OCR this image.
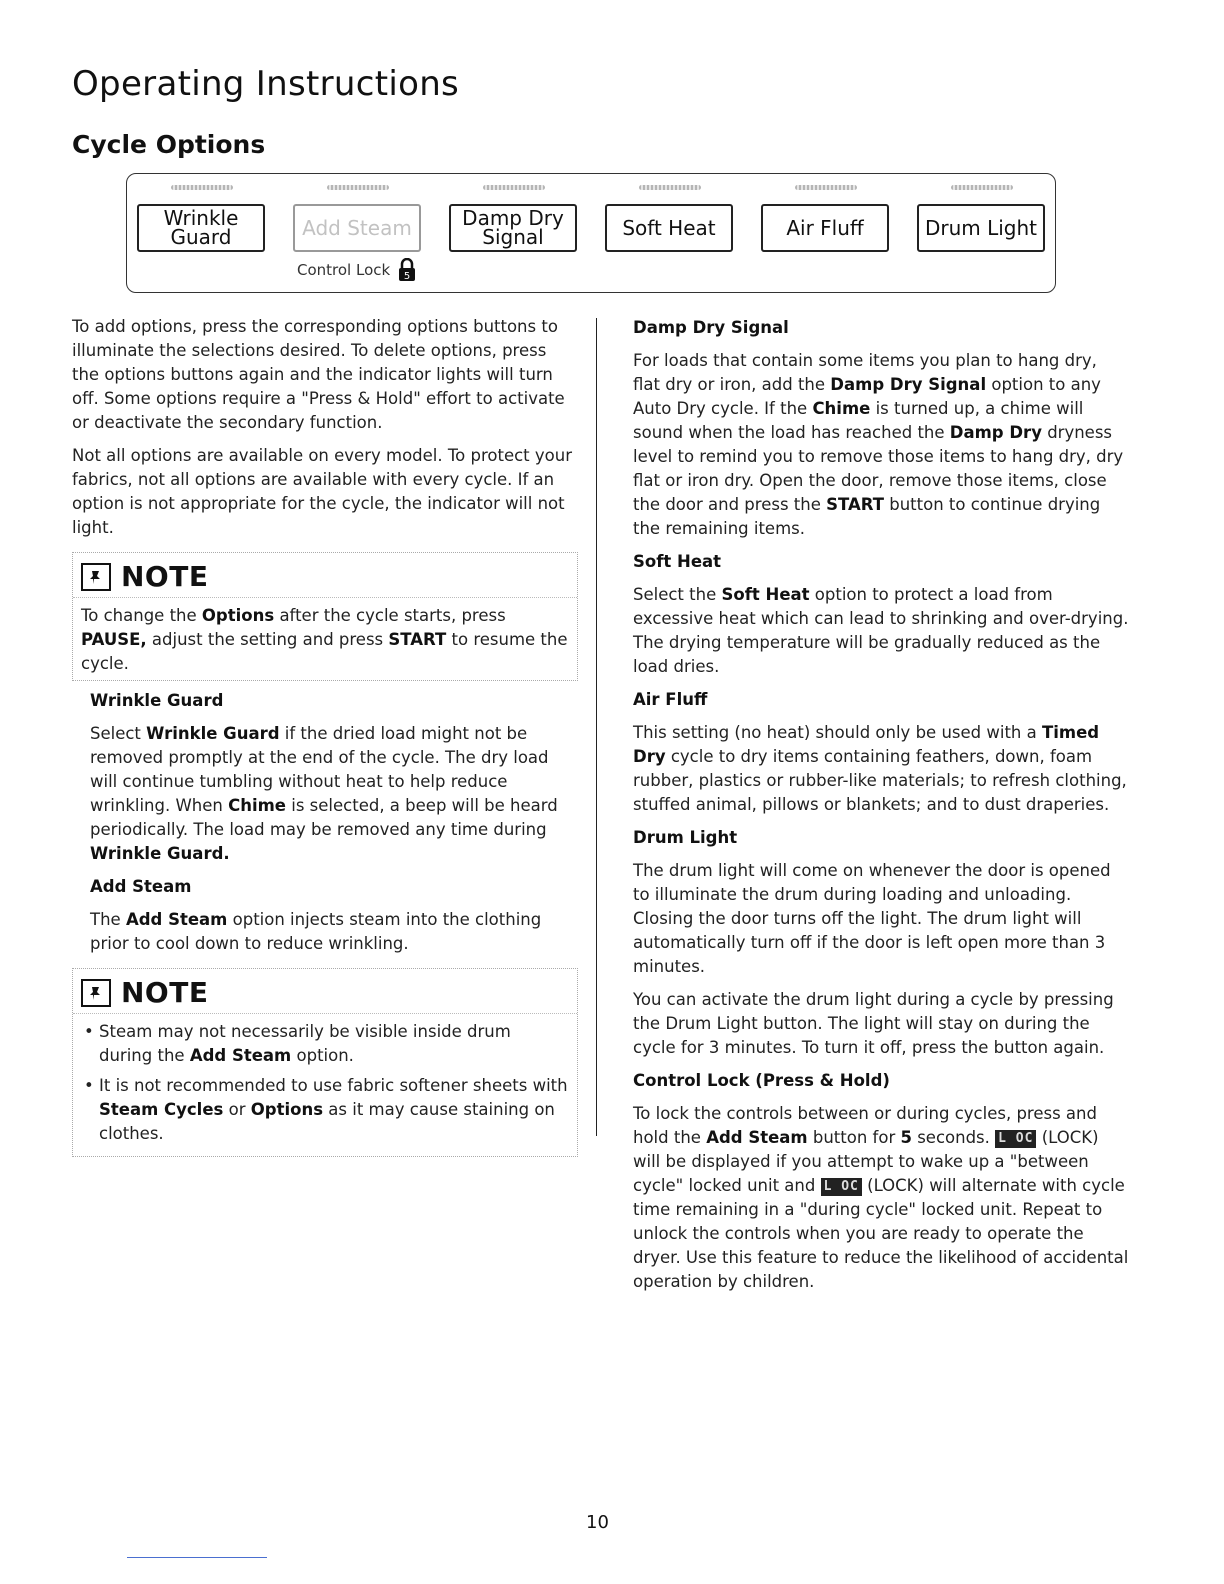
Operating Instructions
Cycle Options
Wrinkle
Guard	Add Steam	Damp Dry
Signal	Soft Heat	Air Fluff	Drum Light
Control Lock 5

To add options, press the corresponding options buttons to illuminate the selections desired. To delete options, press the options buttons again and the indicator lights will turn off. Some options require a "Press & Hold" effort to activate or deactivate the secondary function.

Not all options are available on every model. To protect your fabrics, not all options are available with every cycle. If an option is not appropriate for the cycle, the indicator will not light.

NOTE
To change the Options after the cycle starts, press PAUSE, adjust the setting and press START to resume the cycle.

Wrinkle Guard

Select Wrinkle Guard if the dried load might not be removed promptly at the end of the cycle. The dry load will continue tumbling without heat to help reduce wrinkling. When Chime is selected, a beep will be heard periodically. The load may be removed any time during Wrinkle Guard.

Add Steam

The Add Steam option injects steam into the clothing prior to cool down to reduce wrinkling.

NOTE
• Steam may not necessarily be visible inside drum during the Add Steam option.
• It is not recommended to use fabric softener sheets with Steam Cycles or Options as it may cause staining on clothes.

Damp Dry Signal

For loads that contain some items you plan to hang dry, flat dry or iron, add the Damp Dry Signal option to any Auto Dry cycle. If the Chime is turned up, a chime will sound when the load has reached the Damp Dry dryness level to remind you to remove those items to hang dry, dry flat or iron dry. Open the door, remove those items, close the door and press the START button to continue drying the remaining items.

Soft Heat

Select the Soft Heat option to protect a load from excessive heat which can lead to shrinking and over-drying. The drying temperature will be gradually reduced as the load dries.

Air Fluff

This setting (no heat) should only be used with a Timed Dry cycle to dry items containing feathers, down, foam rubber, plastics or rubber-like materials; to refresh clothing, stuffed animal, pillows or blankets; and to dust draperies.

Drum Light

The drum light will come on whenever the door is opened to illuminate the drum during loading and unloading. Closing the door turns off the light. The drum light will automatically turn off if the door is left open more than 3 minutes.

You can activate the drum light during a cycle by pressing the Drum Light button. The light will stay on during the cycle for 3 minutes. To turn it off, press the button again.

Control Lock (Press & Hold)

To lock the controls between or during cycles, press and hold the Add Steam button for 5 seconds. L OC (LOCK) will be displayed if you attempt to wake up a "between cycle" locked unit and L OC (LOCK) will alternate with cycle time remaining in a "during cycle" locked unit. Repeat to unlock the controls when you are ready to operate the dryer. Use this feature to reduce the likelihood of accidental operation by children.

10
